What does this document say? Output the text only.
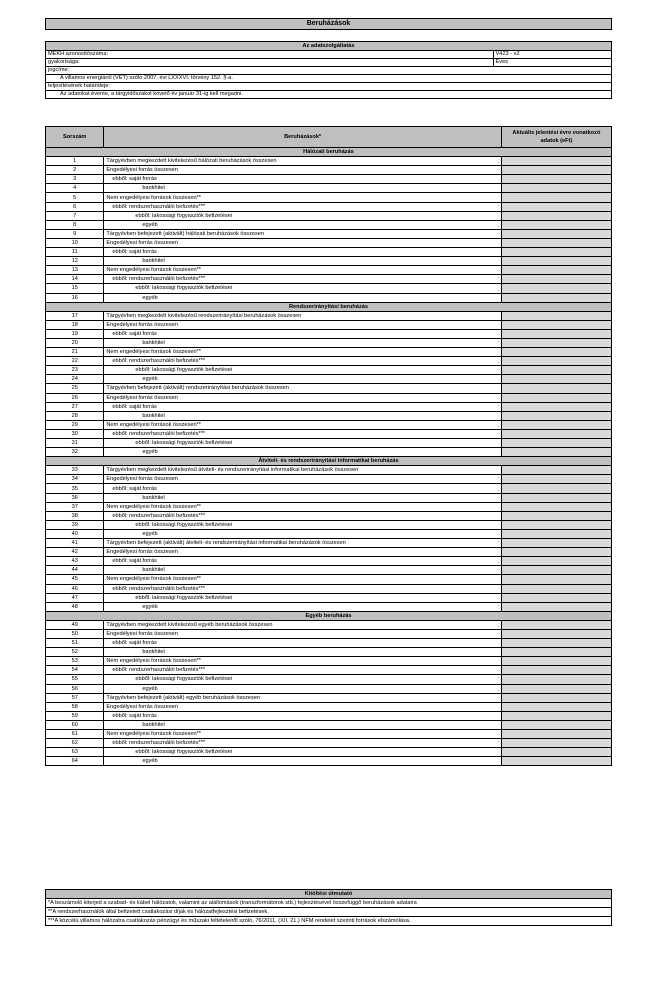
Beruházások
Az adatszolgáltatás	
MEKH azonosítószáma:	V423 - v2
gyakorisága:	Éves
jogcíme:	
A villamos energiáról (VET) szóló 2007. évi LXXXVI. törvény 152. §-a.	
teljesítésének határideje:	
Az adatokat évente, a tárgyidőszakot követő év január 31-ig kell megadni.	
Sorszám	Beruházások*	Aktuális jelentési évre vonatkozó adatok (eFt)
Hálózati beruházás		
1	Tárgyévben megkezdett kivitelezésű hálózati beruházások összesen	
2	Engedélyesi forrás összesen	
3	ebből: saját forrás	
4	bankhitel	
5	Nem engedélyesi források összesen**	
6	ebből: rendszerhasználói befizetés***	
7	ebből: lakossági fogyasztók befizetései	
8	egyéb	
9	Tárgyévben befejezett (aktivált) hálózati beruházások összesen	
10	Engedélyesi forrás összesen	
11	ebből: saját forrás	
12	bankhitel	
13	Nem engedélyesi források összesen**	
14	ebből: rendszerhasználói befizetés***	
15	ebből: lakossági fogyasztók befizetései	
16	egyéb	
Rendszerirányítási beruházás		
17	Tárgyévben megkezdett kivitelezésű rendszerirányítási beruházások összesen	
18	Engedélyesi forrás összesen	
19	ebből: saját forrás	
20	bankhitel	
21	Nem engedélyesi források összesen**	
22	ebből: rendszerhasználói befizetés***	
23	ebből: lakossági fogyasztók befizetései	
24	egyéb	
25	Tárgyévben befejezett (aktivált) rendszerirányítási beruházások összesen	
26	Engedélyesi forrás összesen	
27	ebből: saját forrás	
28	bankhitel	
29	Nem engedélyesi források összesen**	
30	ebből: rendszerhasználói befizetés***	
31	ebből: lakossági fogyasztók befizetései	
32	egyéb	
Átviteli- és rendszerirányítási informatikai beruházás		
33	Tárgyévben megkezdett kivitelezésű átviteli- és rendszerirányítási informatikai beruházások összesen	
34	Engedélyesi forrás összesen	
35	ebből: saját forrás	
36	bankhitel	
37	Nem engedélyesi források összesen**	
38	ebből: rendszerhasználói befizetés***	
39	ebből: lakossági fogyasztók befizetései	
40	egyéb	
41	Tárgyévben befejezett (aktivált) átviteli- és rendszerirányítási informatikai beruházások összesen	
42	Engedélyesi forrás összesen	
43	ebből: saját forrás	
44	bankhitel	
45	Nem engedélyesi források összesen**	
46	ebből: rendszerhasználói befizetés***	
47	ebből: lakossági fogyasztók befizetései	
48	egyéb	
Egyéb beruházás		
49	Tárgyévben megkezdett kivitelezésű egyéb beruházások összesen	
50	Engedélyesi forrás összesen	
51	ebből: saját forrás	
52	bankhitel	
53	Nem engedélyesi források összesen**	
54	ebből: rendszerhasználói befizetés***	
55	ebből: lakossági fogyasztók befizetései	
56	egyéb	
57	Tárgyévben befejezett (aktivált) egyéb beruházások összesen	
58	Engedélyesi forrás összesen	
59	ebből: saját forrás	
60	bankhitel	
61	Nem engedélyesi források összesen**	
62	ebből: rendszerhasználói befizetés***	
63	ebből: lakossági fogyasztók befizetései	
64	egyéb	
Kitöltési útmutató
*A beszámoló kiterjed a szabad- és kábel hálózatok, valamint az alállomások (transzformátorok stb.) fejlesztésével összefüggő beruházások adataira
**A rendszerhasználók által befizetett csatlakozási díjak és hálózatfejlesztési befizetések.
***A közcélú villamos hálózatra csatlakozás pénzügyi és műszaki feltételeiről szóló, 76/2011. (XII. 21.) NFM rendelet szerinti források elszámolása.
